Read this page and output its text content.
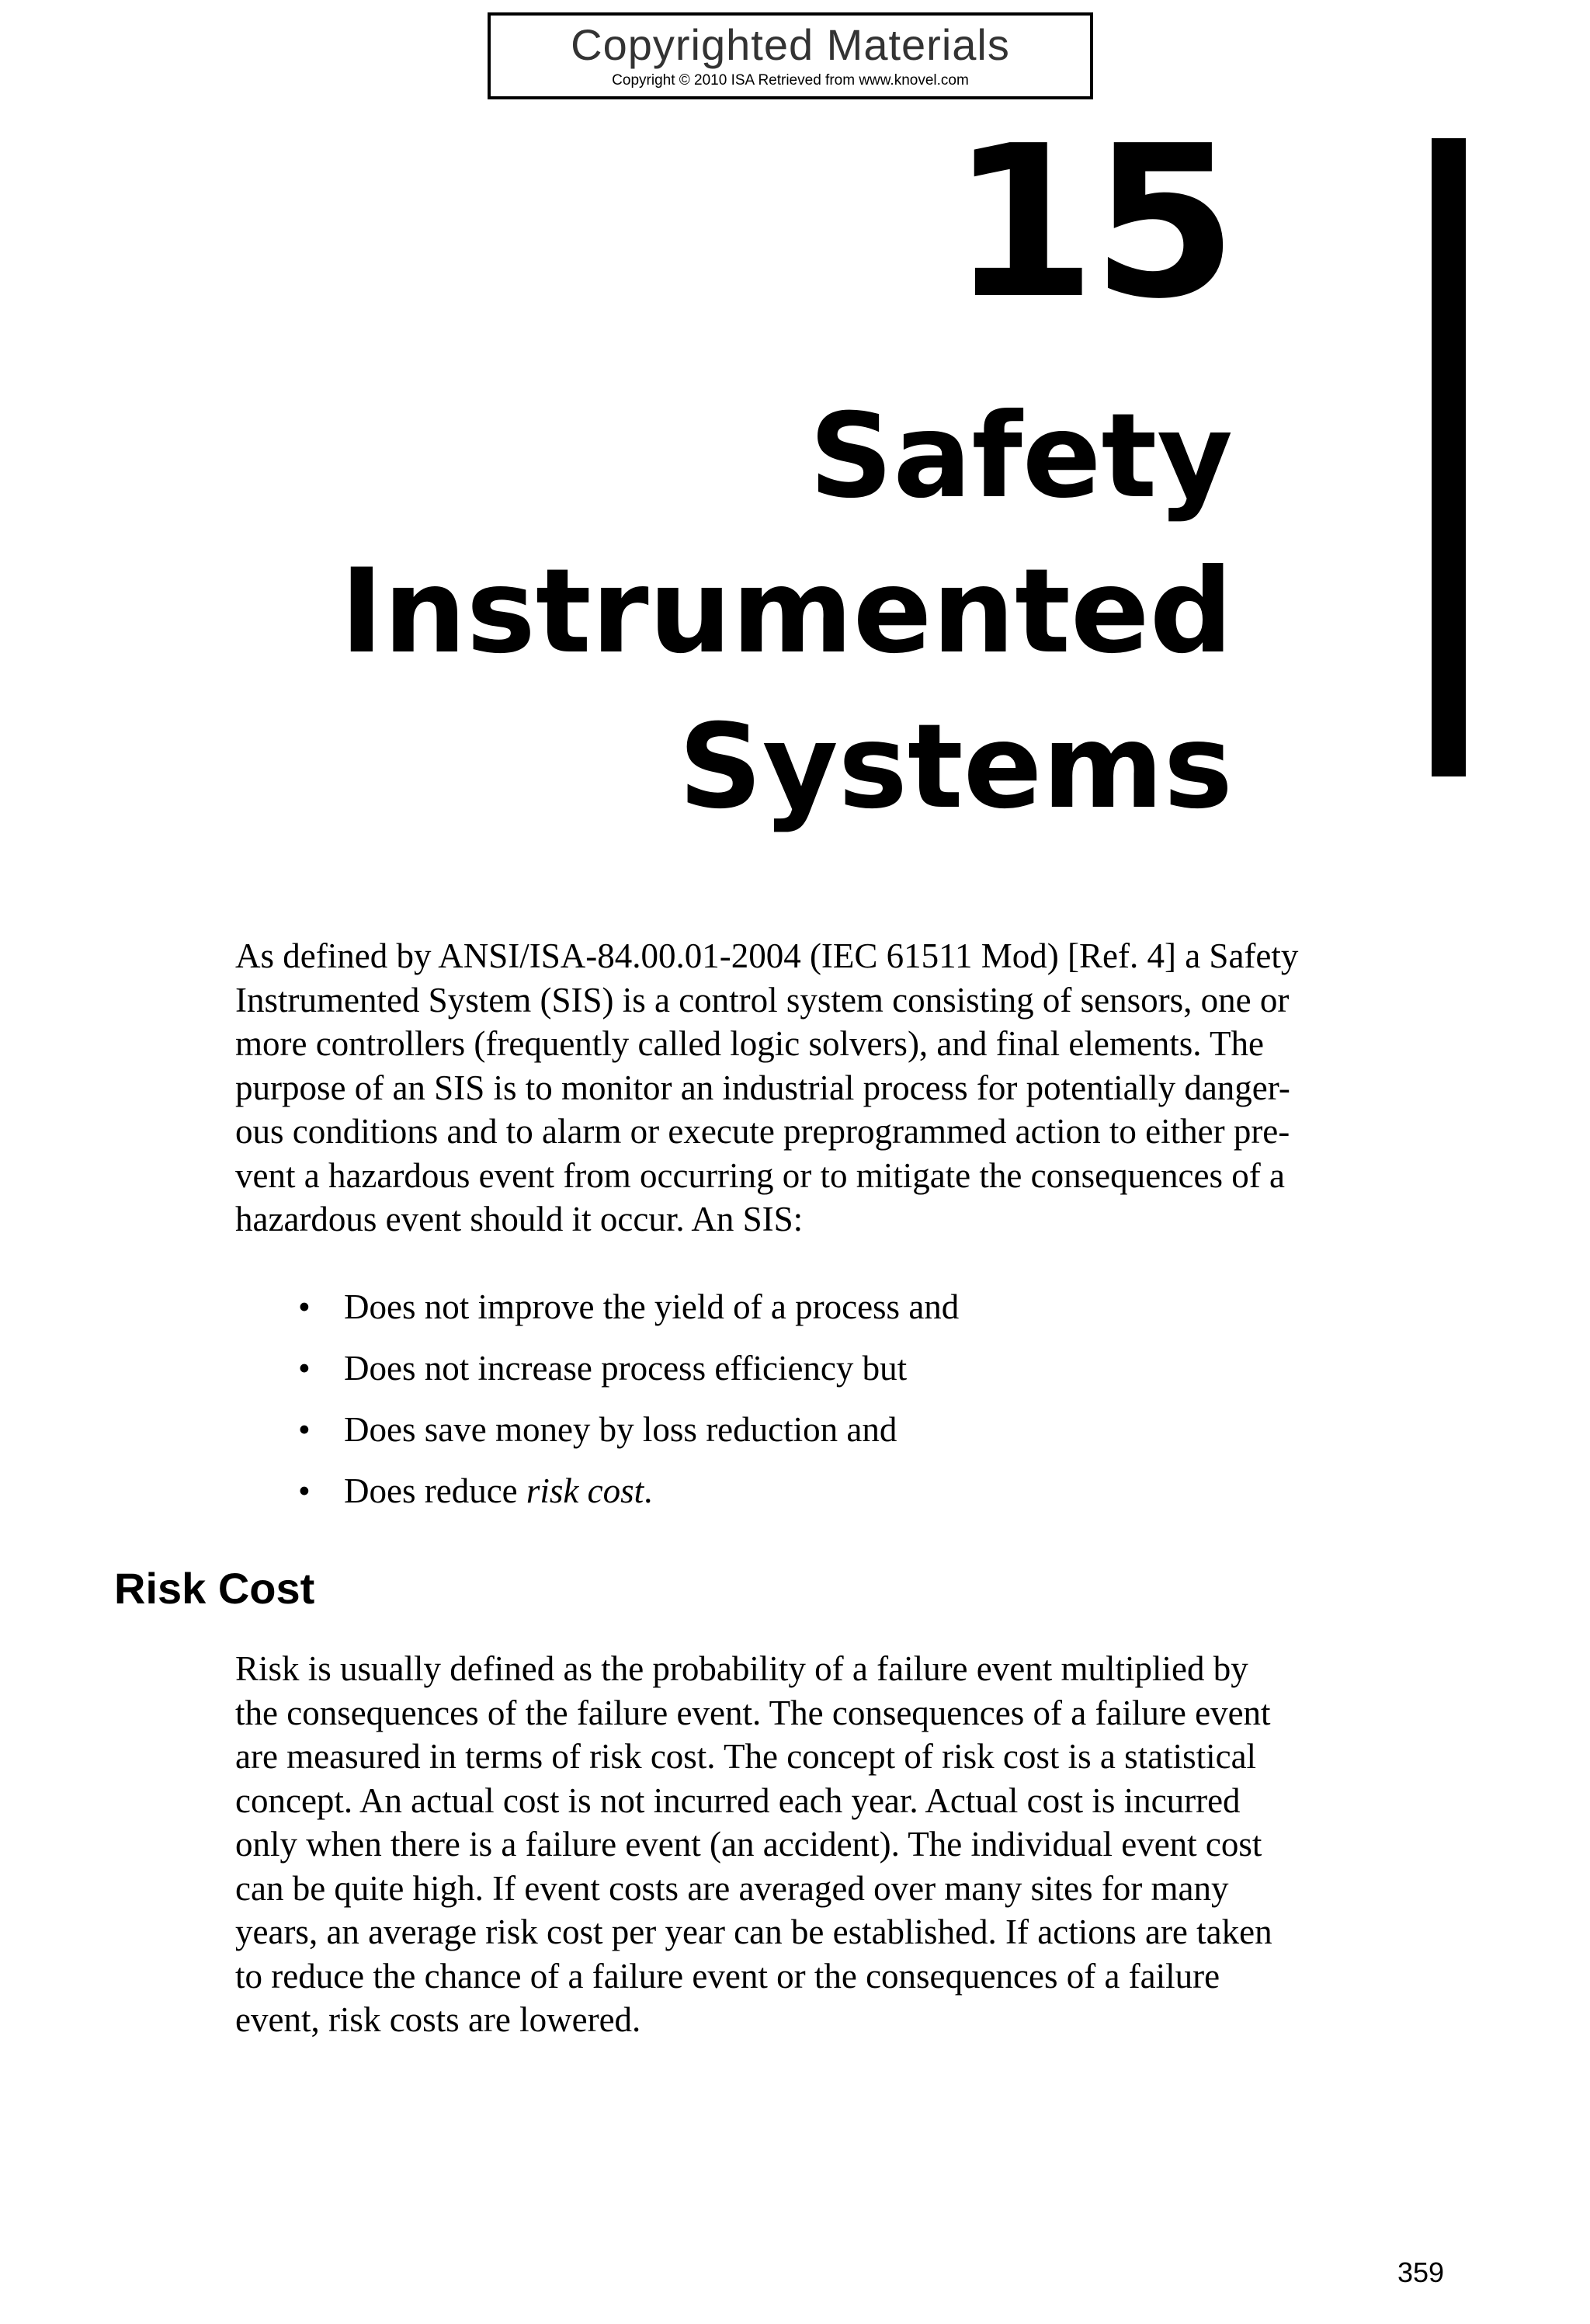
Copyrighted Materials
Copyright © 2010 ISA Retrieved from www.knovel.com
15
Safety
Instrumented
Systems

As defined by ANSI/ISA-84.00.01-2004 (IEC 61511 Mod) [Ref. 4] a Safety
Instrumented System (SIS) is a control system consisting of sensors, one or
more controllers (frequently called logic solvers), and final elements. The
purpose of an SIS is to monitor an industrial process for potentially danger-
ous conditions and to alarm or execute preprogrammed action to either pre-
vent a hazardous event from occurring or to mitigate the consequences of a
hazardous event should it occur. An SIS:

• Does not improve the yield of a process and
• Does not increase process efficiency but
• Does save money by loss reduction and
• Does reduce risk cost.
Risk Cost

Risk is usually defined as the probability of a failure event multiplied by
the consequences of the failure event. The consequences of a failure event
are measured in terms of risk cost. The concept of risk cost is a statistical
concept. An actual cost is not incurred each year. Actual cost is incurred
only when there is a failure event (an accident). The individual event cost
can be quite high. If event costs are averaged over many sites for many
years, an average risk cost per year can be established. If actions are taken
to reduce the chance of a failure event or the consequences of a failure
event, risk costs are lowered.

359
